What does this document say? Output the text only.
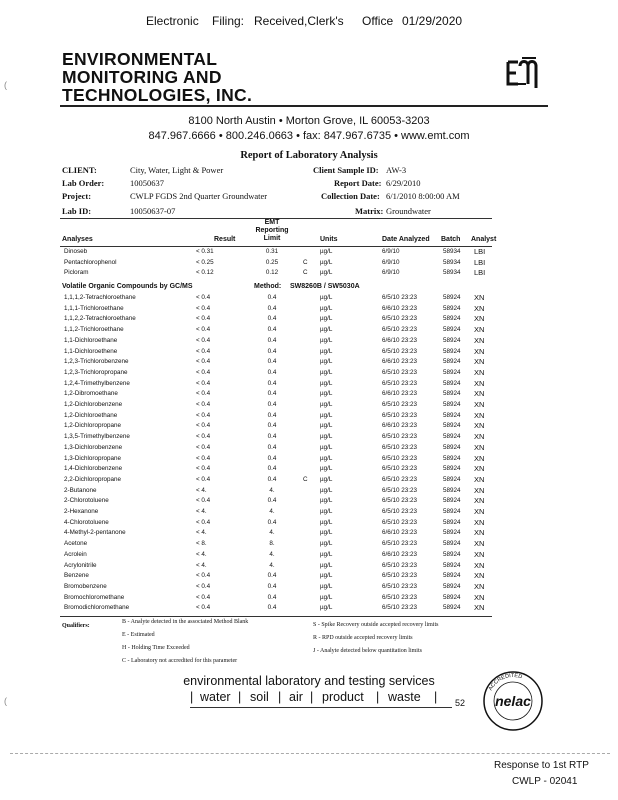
Electronic Filing: Received,Clerk's Office 01/29/2020
(
(
ENVIRONMENTAL
MONITORING AND
TECHNOLOGIES, INC.
8100 North Austin • Morton Grove, IL 60053-3203
847.967.6666 • 800.246.0663 • fax: 847.967.6735 • www.emt.com
Report of Laboratory Analysis
CLIENT:	City, Water, Light & Power	Client Sample ID: AW-3
Lab Order:	10050637	Report Date: 6/29/2010
Project:	CWLP FGDS 2nd Quarter Groundwater	Collection Date: 6/1/2010 8:00:00 AM
Lab ID:	10050637-07	Matrix: Groundwater
Analyses	Result
EMT
Reporting
Limit	Units	Date Analyzed Batch Analyst
Dinoseb	< 0.31	0.31	µg/L	6/9/10	58934 LBI
Pentachlorophenol	< 0.25	0.25	C µg/L	6/9/10	58934 LBI
Picloram	< 0.12	0.12	C µg/L	6/9/10	58934 LBI
Volatile Organic Compounds by GC/MS	Method: SW8260B / SW5030A
1,1,1,2-Tetrachloroethane	< 0.4	0.4	µg/L	6/5/10 23:23	58924 XN
1,1,1-Trichloroethane	< 0.4	0.4	µg/L	6/6/10 23:23	58924 XN
1,1,2,2-Tetrachloroethane	< 0.4	0.4	µg/L	6/5/10 23:23	58924 XN
1,1,2-Trichloroethane	< 0.4	0.4	µg/L	6/5/10 23:23	58924 XN
1,1-Dichloroethane	< 0.4	0.4	µg/L	6/6/10 23:23	58924 XN
1,1-Dichloroethene	< 0.4	0.4	µg/L	6/5/10 23:23	58924 XN
1,2,3-Trichlorobenzene	< 0.4	0.4	µg/L	6/6/10 23:23	58924 XN
1,2,3-Trichloropropane	< 0.4	0.4	µg/L	6/5/10 23:23	58924 XN
1,2,4-Trimethylbenzene	< 0.4	0.4	µg/L	6/5/10 23:23	58924 XN
1,2-Dibromoethane	< 0.4	0.4	µg/L	6/6/10 23:23	58924 XN
1,2-Dichlorobenzene	< 0.4	0.4	µg/L	6/5/10 23:23	58924 XN
1,2-Dichloroethane	< 0.4	0.4	µg/L	6/5/10 23:23	58924 XN
1,2-Dichloropropane	< 0.4	0.4	µg/L	6/6/10 23:23	58924 XN
1,3,5-Trimethylbenzene	< 0.4	0.4	µg/L	6/5/10 23:23	58924 XN
1,3-Dichlorobenzene	< 0.4	0.4	µg/L	6/5/10 23:23	58924 XN
1,3-Dichloropropane	< 0.4	0.4	µg/L	6/5/10 23:23	58924 XN
1,4-Dichlorobenzene	< 0.4	0.4	µg/L	6/5/10 23:23	58924 XN
2,2-Dichloropropane	< 0.4	0.4	C µg/L	6/5/10 23:23	58924 XN
2-Butanone	< 4.	4.	µg/L	6/5/10 23:23	58924 XN
2-Chlorotoluene	< 0.4	0.4	µg/L	6/5/10 23:23	58924 XN
2-Hexanone	< 4.	4.	µg/L	6/5/10 23:23	58924 XN
4-Chlorotoluene	< 0.4	0.4	µg/L	6/5/10 23:23	58924 XN
4-Methyl-2-pentanone	< 4.	4.	µg/L	6/6/10 23:23	58924 XN
Acetone	< 8.	8.	µg/L	6/5/10 23:23	58924 XN
Acrolein	< 4.	4.	µg/L	6/6/10 23:23	58924 XN
Acrylonitrile	< 4.	4.	µg/L	6/5/10 23:23	58924 XN
Benzene	< 0.4	0.4	µg/L	6/5/10 23:23	58924 XN
Bromobenzene	< 0.4	0.4	µg/L	6/5/10 23:23	58924 XN
Bromochloromethane	< 0.4	0.4	µg/L	6/5/10 23:23	58924 XN
Bromodichloromethane	< 0.4	0.4	µg/L	6/5/10 23:23	58924 XN
Qualifiers:
B - Analyte detected in the associated Method Blank
E - Estimated
H - Holding Time Exceeded
C - Laboratory not accredited for this parameter
S - Spike Recovery outside accepted recovery limits
R - RPD outside accepted recovery limits
J - Analyte detected below quantitation limits
environmental laboratory and testing services
| water | soil | air | product | waste | 52
ACCREDITED
nelac
Response to 1st RTP
CWLP - 02041
